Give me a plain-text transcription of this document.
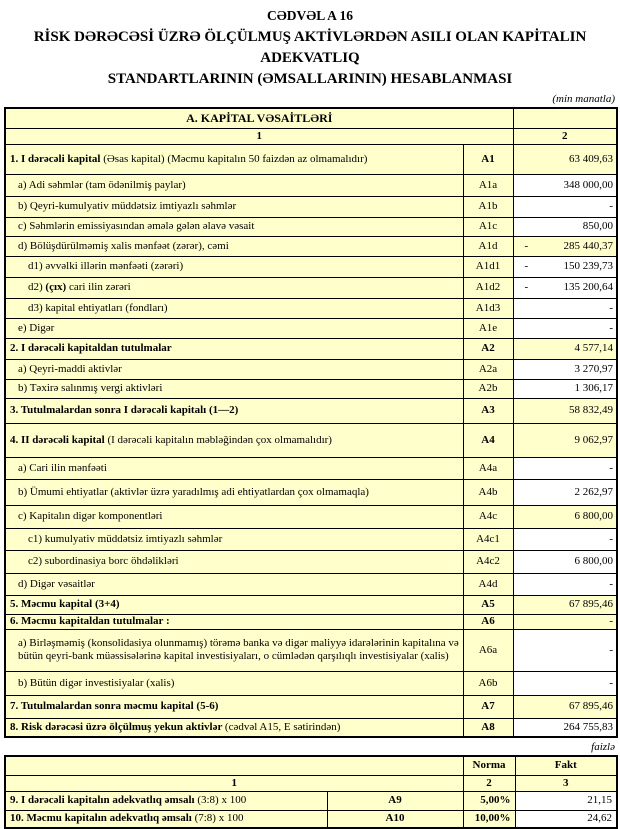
CƏDVƏL A 16
RİSK DƏRƏCƏSİ ÜZRƏ ÖLÇÜLMUŞ AKTİVLƏRDƏN ASILI OLAN KAPİTALIN ADEKVATLIQ
STANDARTLARININ (ƏMSALLARININ) HESABLANMASI
(min manatla)
A. KAPİTAL VƏSAİTLƏRİ		
1		2
1. I dərəcəli kapital (Əsas kapital) (Məcmu kapitalın 50 faizdən az olmamalıdır)	A1	63 409,63

a) Adi səhmlər (tam ödənilmiş paylar)	A1a	348 000,00

b) Qeyri-kumulyativ müddətsiz imtiyazlı səhmlər	A1b	-

c) Səhmlərin emissiyasından əmələ gələn əlavə vəsait	A1c	850,00

d) Bölüşdürülməmiş xalis mənfəət (zərər), cəmi	A1d	- 285 440,37

d1) əvvəlki illərin mənfəəti (zərəri)	A1d1	- 150 239,73

d2) (çıx) cari ilin zərəri	A1d2	- 135 200,64

d3) kapital ehtiyatları (fondları)	A1d3	-

e) Digər	A1e	-

2. I dərəcəli kapitaldan tutulmalar	A2	4 577,14

a) Qeyri-maddi aktivlər	A2a	3 270,97

b) Təxirə salınmış vergi aktivləri	A2b	1 306,17

3. Tutulmalardan sonra I dərəcəli kapitalı (1—2)	A3	58 832,49

4. II dərəcəli kapital (I dərəcəli kapitalın məbləğindən çox olmamalıdır)	A4	9 062,97

a) Cari ilin mənfəəti	A4a	-

b) Ümumi ehtiyatlar (aktivlər üzrə yaradılmış adi ehtiyatlardan çox olmamaqla)	A4b	2 262,97

c) Kapitalın digər komponentləri	A4c	6 800,00

c1) kumulyativ müddətsiz imtiyazlı səhmlər	A4c1	-

c2) subordinasiya borc öhdəlikləri	A4c2	6 800,00

d) Digər vəsaitlər	A4d	-

5. Məcmu kapital (3+4)	A5	67 895,46

6. Məcmu kapitaldan tutulmalar :	A6	-

a) Birləşməmiş (konsolidasiya olunmamış) törəmə banka və digər maliyyə idarələrinin kapitalına və bütün qeyri-bank müəssisələrinə kapital investisiyaları, o cümlədən qarşılıqlı investisiyalar (xalis)	A6a	-

b) Bütün digər investisiyalar (xalis)	A6b	-

7. Tutulmalardan sonra məcmu kapital (5-6)	A7	67 895,46

8. Risk dərəcəsi üzrə ölçülmuş yekun aktivlər (cədvəl A15, E sətirindən)	A8	264 755,83
faizlə
		Norma	Fakt
1		2	3
9. I dərəcəli kapitalın adekvatlıq əmsalı (3:8) x 100	A9	5,00%	21,15
10. Məcmu kapitalın adekvatlıq əmsalı (7:8) x 100	A10	10,00%	24,62
